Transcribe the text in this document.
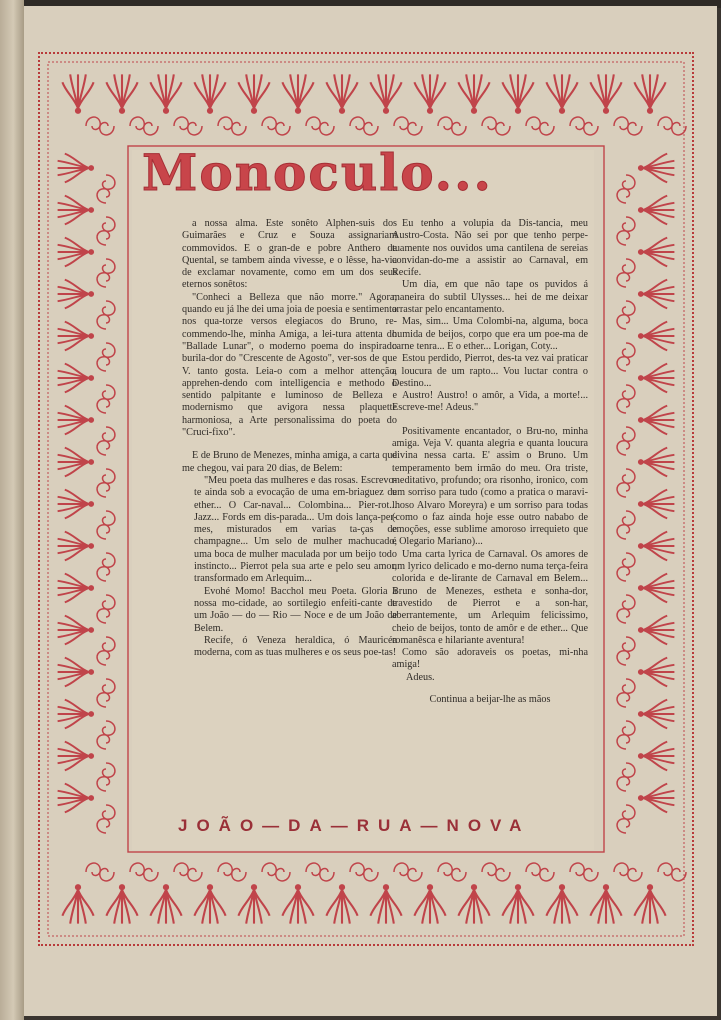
Monoculo...

a nossa alma. Este sonêto Alphen-suis dos Guimarães e Cruz e Souza assignariam commovidos. E o gran-de e pobre Anthero de Quental, se tambem ainda vivesse, e o lêsse, ha-via de exclamar novamente, como em um dos seus eternos sonêtos:

"Conheci a Belleza que não morre." Agora, quando eu já lhe dei uma joia de poesia e sentimento nos qua-torze versos elegiacos do Bruno, re-commendo-lhe, minha Amiga, a lei-tura attenta do "Ballade Lunar", o moderno poema do inspirado burila-dor do "Crescente de Agosto", ver-sos de que V. tanto gosta. Leia-o com a melhor attenção, apprehen-dendo com intelligencia e methodo o sentido palpitante e luminoso de Belleza e modernismo que avigora nessa plaquette harmoniosa, a Arte personalissima do poeta do "Cruci-fixo".

E de Bruno de Menezes, minha amiga, a carta que me chegou, vai para 20 dias, de Belem:

"Meu poeta das mulheres e das rosas. Escrevo-te ainda sob a evocação de uma em-briaguez de ether... O Car-naval... Colombina... Pier-rot... Jazz... Fords em dis-parada... Um dois lança-per-mes, misturados em varias ta-ças de champagne... Um selo de mulher machucado, uma boca de mulher maculada por um beijo todo instincto... Pierrot pela sua arte e pelo seu amor, transformado em Arlequim...

Evohé Momo! Bacchol meu Poeta. Gloria á nossa mo-cidade, ao sortilegio enfeiti-cante de um João — do — Rio — Noce e de um João de Belem.

Recife, ó Veneza heraldica, ó Mauricéa moderna, com as tuas mulheres e os seus poe-tas!

Eu tenho a volupia da Dis-tancia, meu Austro-Costa. Não sei por que tenho perpe-tuamente nos ouvidos uma cantilena de sereias convidan-do-me a assistir ao Carnaval, em Recife.

Um dia, em que não tape os puvidos á maneira do subtil Ulysses... hei de me deixar arrastar pelo encantamento.

Mas, sim... Uma Colombi-na, alguma, boca humida de beijos, corpo que era um poe-ma de carne tenra... E o ether... Lorigan, Coty...

Estou perdido, Pierrot, des-ta vez vai praticar a loucura de um rapto... Vou luctar contra o Destino...

Austro! Austro! o amôr, a Vida, a morte!... Escreve-me! Adeus."

Positivamente encantador, o Bru-no, minha amiga. Veja V. quanta alegria e quanta loucura divina nessa carta. E' assim o Bruno. Um temperamento bem irmão do meu. Ora triste, meditativo, profundo; ora risonho, ironico, com um sorriso para tudo (como a pratica o maravi-lhoso Alvaro Moreyra) e um sorriso para todas (como o faz ainda hoje esse outro nababo de emoções, esse sublime amoroso irrequieto que é Olegario Mariano)...

Uma carta lyrica de Carnaval. Os amores de um lyrico delicado e mo-derno numa terça-feira colorida e de-lirante de Carnaval em Belem... Bruno de Menezes, estheta e sonha-dor, travestido de Pierrot e a son-har, aberrantemente, um Arlequim felicissimo, cheio de beijos, tonto de amôr e de ether... Que romanêsca e hilariante aventura!

Como são adoraveis os poetas, mi-nha amiga!

Adeus.

Continua a beijar-lhe as mãos

JOÃO—DA—RUA—NOVA
